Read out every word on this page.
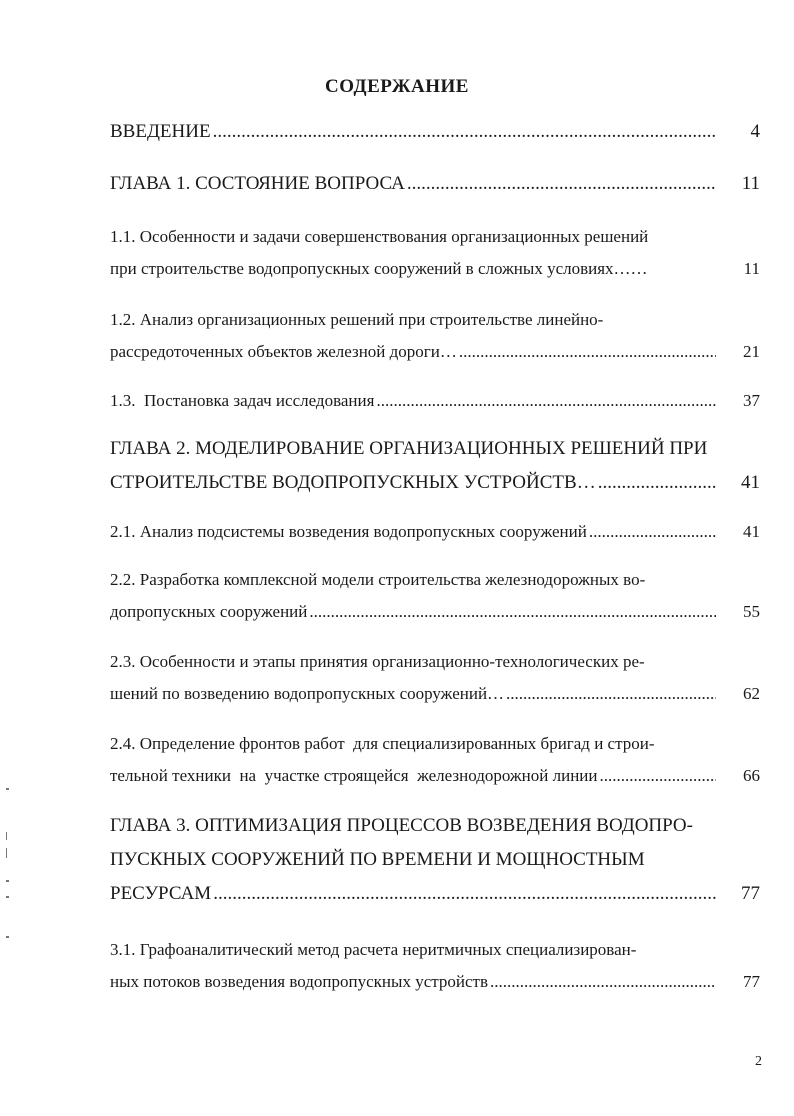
СОДЕРЖАНИЕ
ВВЕДЕНИЕ .....	4
ГЛАВА 1. СОСТОЯНИЕ ВОПРОСА .....	11
1.1. Особенности и задачи совершенствования организационных решений
при строительстве водопропускных сооружений в сложных условиях……	11
1.2. Анализ организационных решений при строительстве линейно-
рассредоточенных объектов железной дороги… .....	21
1.3.  Постановка задач исследования .....	37
ГЛАВА 2. МОДЕЛИРОВАНИЕ ОРГАНИЗАЦИОННЫХ РЕШЕНИЙ ПРИ
СТРОИТЕЛЬСТВЕ ВОДОПРОПУСКНЫХ УСТРОЙСТВ… .....	41
2.1. Анализ подсистемы возведения водопропускных сооружений .....	41
2.2. Разработка комплексной модели строительства железнодорожных во-
допропускных сооружений .....	55
2.3. Особенности и этапы принятия организационно-технологических ре-
шений по возведению водопропускных сооружений… .....	62
2.4. Определение фронтов работ  для специализированных бригад и строи-
тельной техники  на  участке строящейся  железнодорожной линии .....	66
ГЛАВА 3. ОПТИМИЗАЦИЯ ПРОЦЕССОВ ВОЗВЕДЕНИЯ ВОДОПРО-
ПУСКНЫХ СООРУЖЕНИЙ ПО ВРЕМЕНИ И МОЩНОСТНЫМ
РЕСУРСАМ .....	77
3.1. Графоаналитический метод расчета неритмичных специализирован-
ных потоков возведения водопропускных устройств .....	77
2
